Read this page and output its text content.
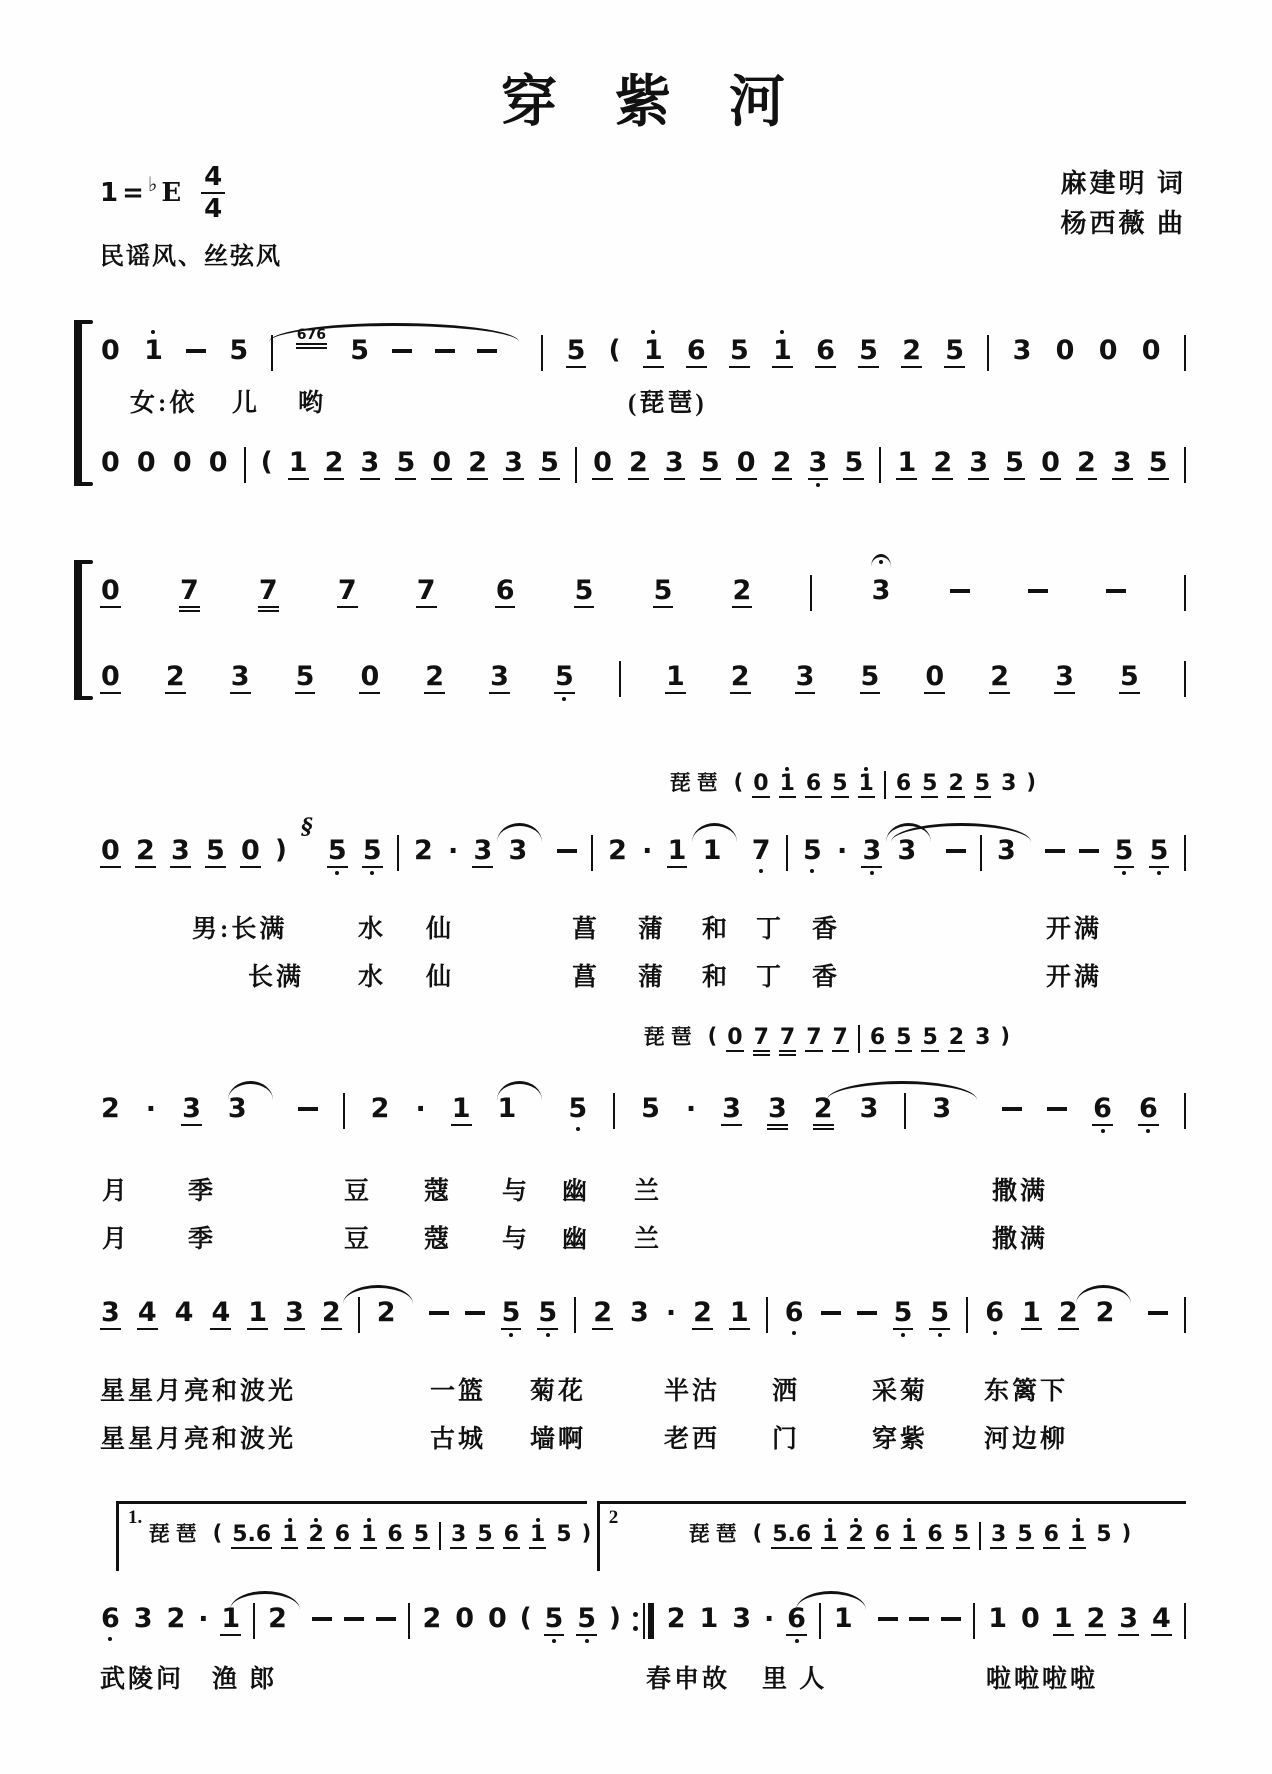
穿紫河
1 = ♭ E $\frac{4}{4}$
民谣风、丝弦风
麻建明 词
杨西薇 曲
0 1 5	676 5	5 ( 1 6 5 1 6 5 2 5 3 0 0 0
女:依 儿 哟	(琵琶)
0 0 0 0 ( 1 2 3 5 0 2 3 5 0 2 3 5 0 2 3 5 1 2 3 5 0 2 3 5
0 7 7 7 7 6 5 5 2	3
0 2 3 5 0 2 3 5	1 2 3 5 0 2 3 5
琵琶 ( 0 1 6 5 1 6 5 2 5 3 )
0 2 3 5 0 )
§
5 5 2 · 3 3	2 · 1 1 7 5 · 3 3	3	5 5
男:长满	水 仙	菖 蒲 和 丁 香	开满
长满 水 仙	菖 蒲 和 丁 香	开满
琵琶 ( 0 7 7 7 7 6 5 5 2 3 )
2 · 3 3	2 · 1 1 5 5 · 3 3 2 3 3	6 6
月 季	豆 蔻 与 幽 兰	撒满
月 季	豆 蔻 与 幽 兰	撒满
3 4 4 4 1 3 2 2	5 5 2 3 · 2 1 6	5 5 6 1 2 2
星星月亮和波光	一篮 菊花	半沽 洒	采菊 东篱下
星星月亮和波光	古城 墙啊	老西 门	穿紫 河边柳
1.
琵琶 ( 5.6 1 2 6 1 6 5 3 5 6 1 5 )
2
琵琶 ( 5.6 1 2 6 1 6 5 3 5 6 1 5 )
6 3 2 · 1 2	2 0 0 ( 5 5 ) 2 1 3 · 6 1	1 0 1 2 3 4
武陵问 渔 郎	春申故 里 人	啦啦啦啦
